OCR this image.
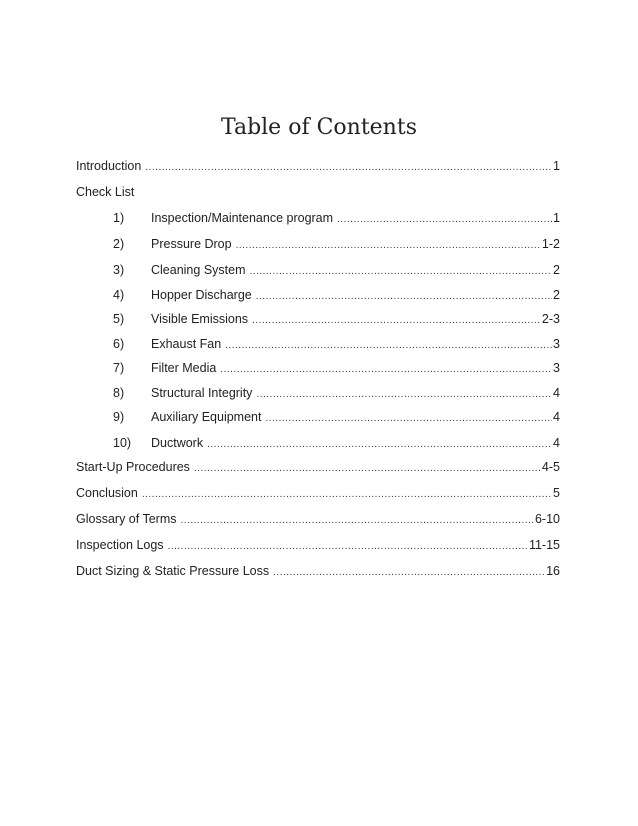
Table of Contents
Introduction .....	1
Check List
1)	Inspection/Maintenance program .....	1
2)	Pressure Drop .....	1-2
3)	Cleaning System .....	2
4)	Hopper Discharge .....	2
5)	Visible Emissions .....	2-3
6)	Exhaust Fan .....	3
7)	Filter Media .....	3
8)	Structural Integrity .....	4
9)	Auxiliary Equipment .....	4
10)	Ductwork .....	4
Start-Up Procedures .....	4-5
Conclusion .....	5
Glossary of Terms .....	6-10
Inspection Logs .....	11-15
Duct Sizing & Static Pressure Loss .....	16
